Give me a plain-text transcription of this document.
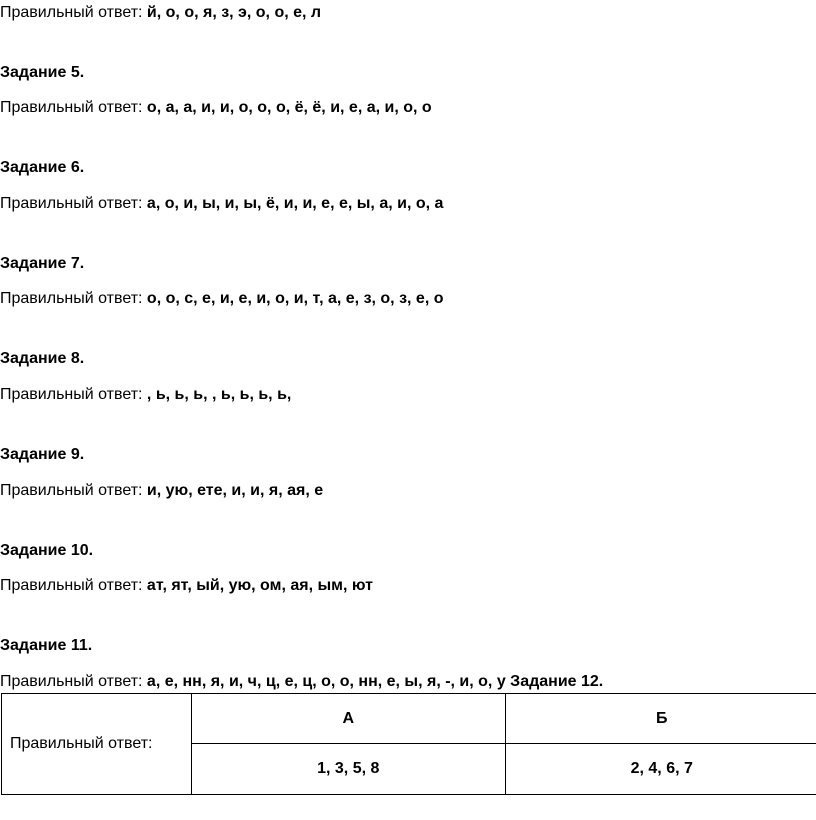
Правильный ответ: й, о, о, я, з, э, о, о, е, л
Задание 5.
Правильный ответ: о, а, а, и, и, о, о, о, ё, ё, и, е, а, и, о, о
Задание 6.
Правильный ответ: а, о, и, ы, и, ы, ё, и, и, е, е, ы, а, и, о, а
Задание 7.
Правильный ответ: о, о, с, е, и, е, и, о, и, т, а, е, з, о, з, е, о
Задание 8.
Правильный ответ: , ь, ь, ь, , ь, ь, ь, ь,
Задание 9.
Правильный ответ: и, ую, ете, и, и, я, ая, е
Задание 10.
Правильный ответ: ат, ят, ый, ую, ом, ая, ым, ют
Задание 11.
Правильный ответ: а, е, нн, я, и, ч, ц, е, ц, о, о, нн, е, ы, я, -, и, о, у Задание 12.
Правильный ответ:	А	Б
	1, 3, 5, 8	2, 4, 6, 7
